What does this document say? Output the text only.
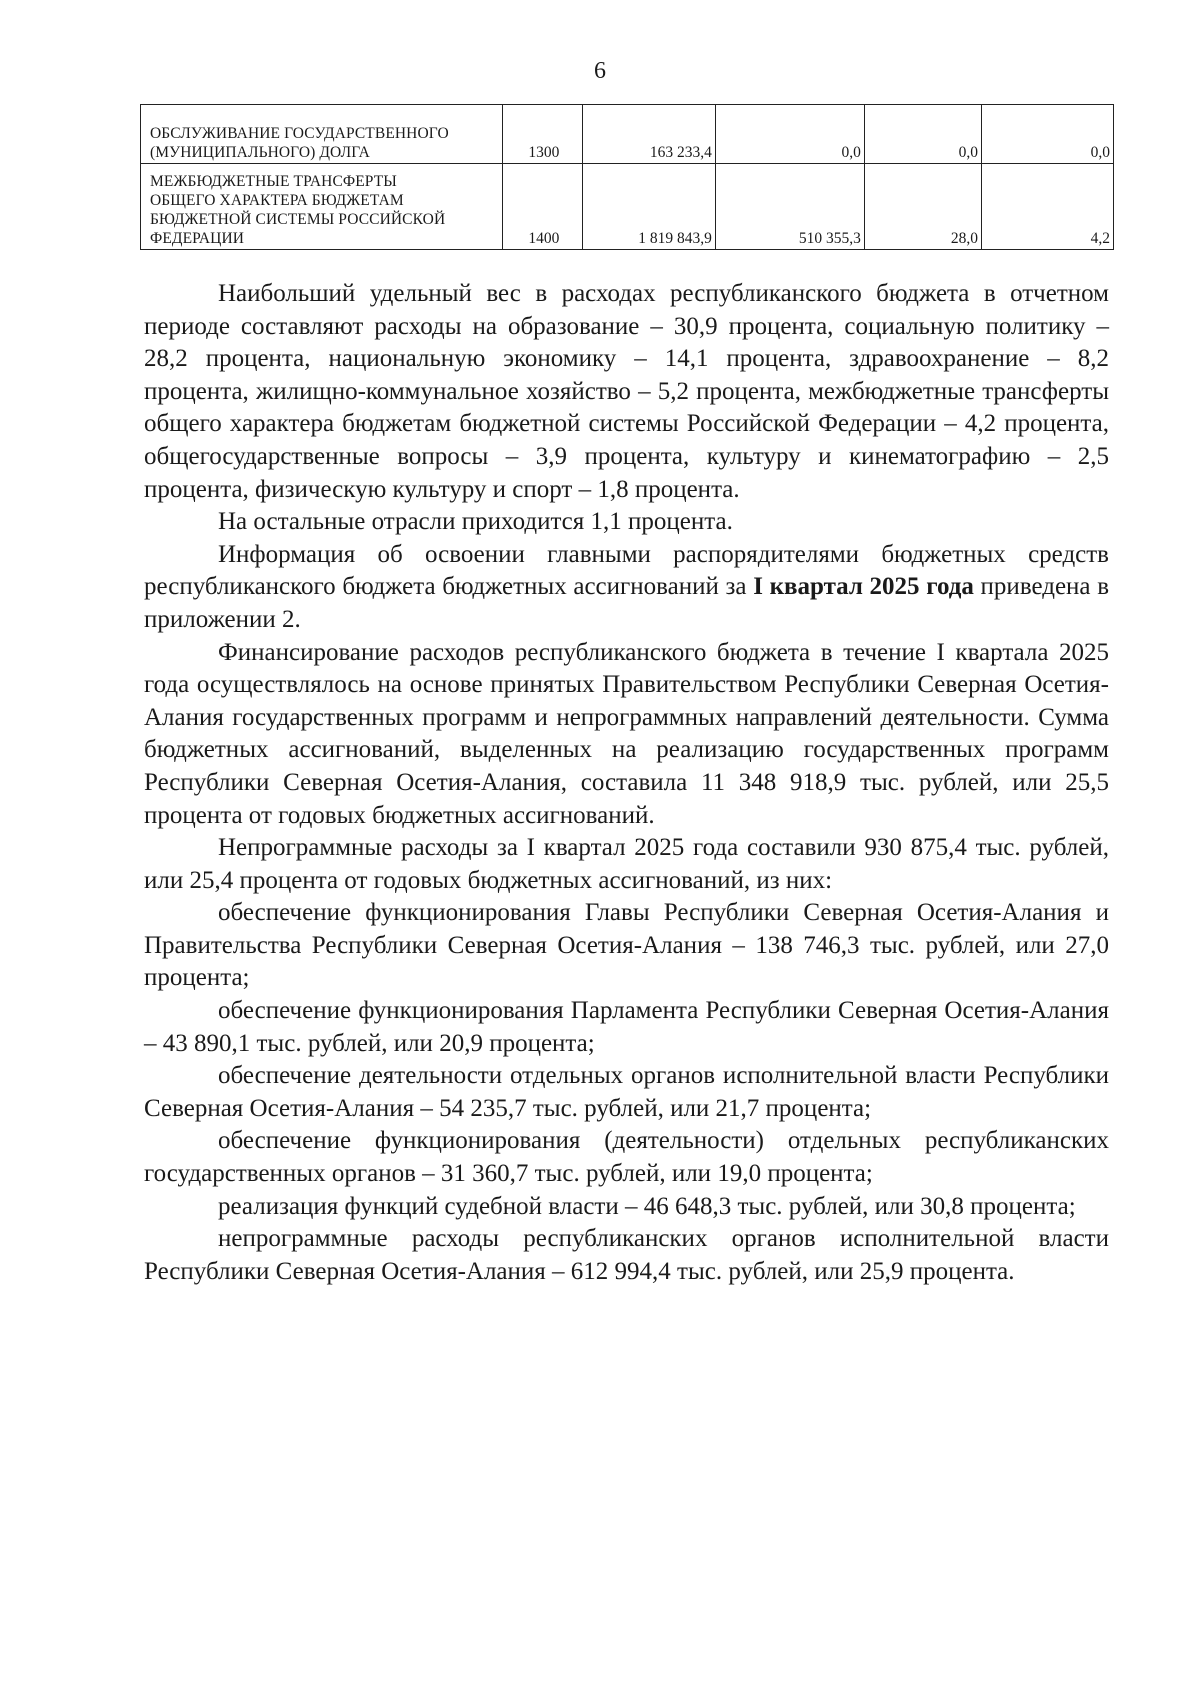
6
ОБСЛУЖИВАНИЕ ГОСУДАРСТВЕННОГО
(МУНИЦИПАЛЬНОГО) ДОЛГА	1300	163 233,4	0,0	0,0	0,0
МЕЖБЮДЖЕТНЫЕ ТРАНСФЕРТЫ
ОБЩЕГО ХАРАКТЕРА БЮДЖЕТАМ
БЮДЖЕТНОЙ СИСТЕМЫ РОССИЙСКОЙ
ФЕДЕРАЦИИ	1400	1 819 843,9	510 355,3	28,0	4,2

Наибольший удельный вес в расходах республиканского бюджета в отчетном периоде составляют расходы на образование – 30,9 процента, социальную политику – 28,2 процента, национальную экономику – 14,1 процента, здравоохранение – 8,2 процента, жилищно-коммунальное хозяйство – 5,2 процента, межбюджетные трансферты общего характера бюджетам бюджетной системы Российской Федерации – 4,2 процента, общегосударственные вопросы – 3,9 процента, культуру и кинематографию – 2,5 процента, физическую культуру и спорт – 1,8 процента.

На остальные отрасли приходится 1,1 процента.

Информация об освоении главными распорядителями бюджетных средств республиканского бюджета бюджетных ассигнований за I квартал 2025 года приведена в приложении 2.

Финансирование расходов республиканского бюджета в течение I квартала 2025 года осуществлялось на основе принятых Правительством Республики Северная Осетия-Алания государственных программ и непрограммных направлений деятельности. Сумма бюджетных ассигнований, выделенных на реализацию государственных программ Республики Северная Осетия-Алания, составила 11 348 918,9 тыс. рублей, или 25,5 процента от годовых бюджетных ассигнований.

Непрограммные расходы за I квартал 2025 года составили 930 875,4 тыс. рублей, или 25,4 процента от годовых бюджетных ассигнований, из них:

обеспечение функционирования Главы Республики Северная Осетия-Алания и Правительства Республики Северная Осетия-Алания – 138 746,3 тыс. рублей, или 27,0 процента;

обеспечение функционирования Парламента Республики Северная Осетия-Алания – 43 890,1 тыс. рублей, или 20,9 процента;

обеспечение деятельности отдельных органов исполнительной власти Республики Северная Осетия-Алания – 54 235,7 тыс. рублей, или 21,7 процента;

обеспечение функционирования (деятельности) отдельных республиканских государственных органов – 31 360,7 тыс. рублей, или 19,0 процента;

реализация функций судебной власти – 46 648,3 тыс. рублей, или 30,8 процента;

непрограммные расходы республиканских органов исполнительной власти Республики Северная Осетия-Алания – 612 994,4 тыс. рублей, или 25,9 процента.
